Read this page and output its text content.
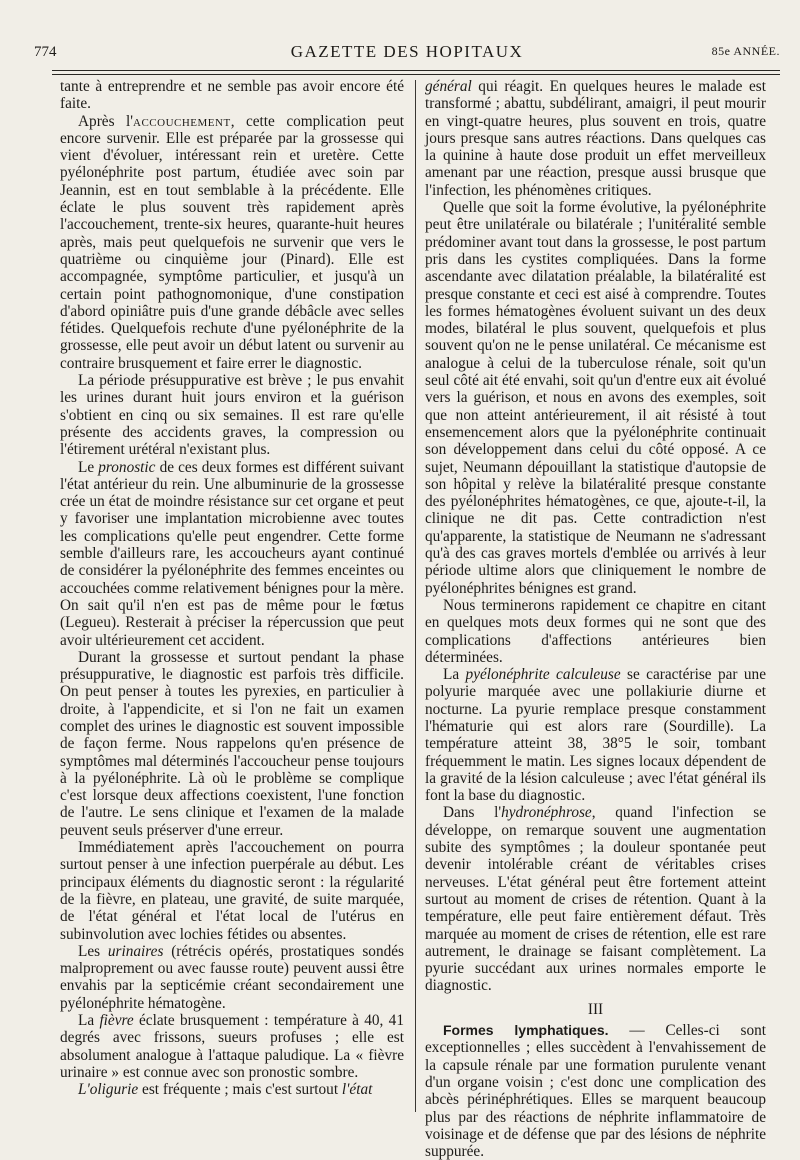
774	GAZETTE DES HOPITAUX	85e ANNÉE.

tante à entreprendre et ne semble pas avoir encore été faite.

Après l'accouchement, cette complication peut encore survenir. Elle est préparée par la grossesse qui vient d'évoluer, intéressant rein et uretère. Cette pyélonéphrite post partum, étudiée avec soin par Jeannin, est en tout semblable à la précédente. Elle éclate le plus souvent très rapidement après l'accouchement, trente-six heures, quarante-huit heures après, mais peut quelquefois ne survenir que vers le quatrième ou cinquième jour (Pinard). Elle est accompagnée, symptôme particulier, et jusqu'à un certain point pathognomonique, d'une constipation d'abord opiniâtre puis d'une grande débâcle avec selles fétides. Quelquefois rechute d'une pyélonéphrite de la grossesse, elle peut avoir un début latent ou survenir au contraire brusquement et faire errer le diagnostic.

La période présuppurative est brève ; le pus envahit les urines durant huit jours environ et la guérison s'obtient en cinq ou six semaines. Il est rare qu'elle présente des accidents graves, la compression ou l'étirement urétéral n'existant plus.

Le pronostic de ces deux formes est différent suivant l'état antérieur du rein. Une albuminurie de la grossesse crée un état de moindre résistance sur cet organe et peut y favoriser une implantation microbienne avec toutes les complications qu'elle peut engendrer. Cette forme semble d'ailleurs rare, les accoucheurs ayant continué de considérer la pyélonéphrite des femmes enceintes ou accouchées comme relativement bénignes pour la mère. On sait qu'il n'en est pas de même pour le fœtus (Legueu). Resterait à préciser la répercussion que peut avoir ultérieurement cet accident.

Durant la grossesse et surtout pendant la phase présuppurative, le diagnostic est parfois très difficile. On peut penser à toutes les pyrexies, en particulier à droite, à l'appendicite, et si l'on ne fait un examen complet des urines le diagnostic est souvent impossible de façon ferme. Nous rappelons qu'en présence de symptômes mal déterminés l'accoucheur pense toujours à la pyélonéphrite. Là où le problème se complique c'est lorsque deux affections coexistent, l'une fonction de l'autre. Le sens clinique et l'examen de la malade peuvent seuls préserver d'une erreur.

Immédiatement après l'accouchement on pourra surtout penser à une infection puerpérale au début. Les principaux éléments du diagnostic seront : la régularité de la fièvre, en plateau, une gravité, de suite marquée, de l'état général et l'état local de l'utérus en subinvolution avec lochies fétides ou absentes.

Les urinaires (rétrécis opérés, prostatiques sondés malproprement ou avec fausse route) peuvent aussi être envahis par la septicémie créant secondairement une pyélonéphrite hématogène.

La fièvre éclate brusquement : température à 40, 41 degrés avec frissons, sueurs profuses ; elle est absolument analogue à l'attaque paludique. La « fièvre urinaire » est connue avec son pronostic sombre.

L'oligurie est fréquente ; mais c'est surtout l'état

général qui réagit. En quelques heures le malade est transformé ; abattu, subdélirant, amaigri, il peut mourir en vingt-quatre heures, plus souvent en trois, quatre jours presque sans autres réactions. Dans quelques cas la quinine à haute dose produit un effet merveilleux amenant par une réaction, presque aussi brusque que l'infection, les phénomènes critiques.

Quelle que soit la forme évolutive, la pyélonéphrite peut être unilatérale ou bilatérale ; l'unitéralité semble prédominer avant tout dans la grossesse, le post partum pris dans les cystites compliquées. Dans la forme ascendante avec dilatation préalable, la bilatéralité est presque constante et ceci est aisé à comprendre. Toutes les formes hématogènes évoluent suivant un des deux modes, bilatéral le plus souvent, quelquefois et plus souvent qu'on ne le pense unilatéral. Ce mécanisme est analogue à celui de la tuberculose rénale, soit qu'un seul côté ait été envahi, soit qu'un d'entre eux ait évolué vers la guérison, et nous en avons des exemples, soit que non atteint antérieurement, il ait résisté à tout ensemencement alors que la pyélonéphrite continuait son développement dans celui du côté opposé. A ce sujet, Neumann dépouillant la statistique d'autopsie de son hôpital y relève la bilatéralité presque constante des pyélonéphrites hématogènes, ce que, ajoute-t-il, la clinique ne dit pas. Cette contradiction n'est qu'apparente, la statistique de Neumann ne s'adressant qu'à des cas graves mortels d'emblée ou arrivés à leur période ultime alors que cliniquement le nombre de pyélonéphrites bénignes est grand.

Nous terminerons rapidement ce chapitre en citant en quelques mots deux formes qui ne sont que des complications d'affections antérieures bien déterminées.

La pyélonéphrite calculeuse se caractérise par une polyurie marquée avec une pollakiurie diurne et nocturne. La pyurie remplace presque constamment l'hématurie qui est alors rare (Sourdille). La température atteint 38, 38°5 le soir, tombant fréquemment le matin. Les signes locaux dépendent de la gravité de la lésion calculeuse ; avec l'état général ils font la base du diagnostic.

Dans l'hydronéphrose, quand l'infection se développe, on remarque souvent une augmentation subite des symptômes ; la douleur spontanée peut devenir intolérable créant de véritables crises nerveuses. L'état général peut être fortement atteint surtout au moment de crises de rétention. Quant à la température, elle peut faire entièrement défaut. Très marquée au moment de crises de rétention, elle est rare autrement, le drainage se faisant complètement. La pyurie succédant aux urines normales emporte le diagnostic.

III

Formes lymphatiques. — Celles-ci sont exceptionnelles ; elles succèdent à l'envahissement de la capsule rénale par une formation purulente venant d'un organe voisin ; c'est donc une complication des abcès périnéphrétiques. Elles se marquent beaucoup plus par des réactions de néphrite inflammatoire de voisinage et de défense que par des lésions de néphrite suppurée.
